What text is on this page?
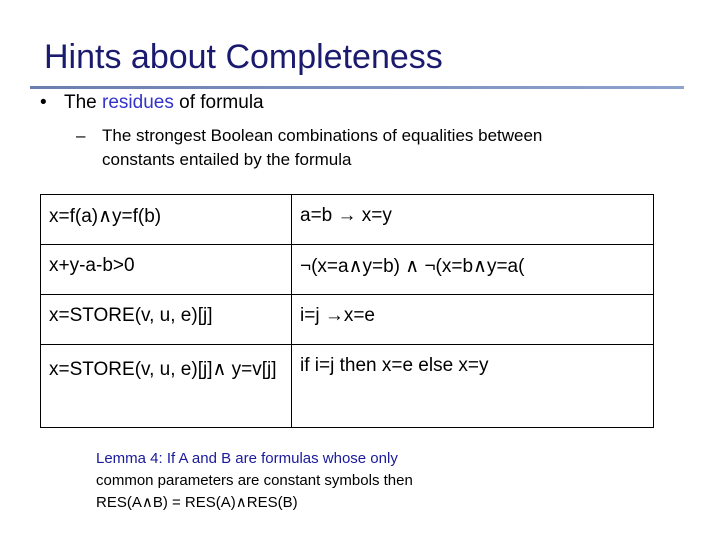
Hints about Completeness
• The residues of formula
– The strongest Boolean combinations of equalities between
constants entailed by the formula
x=f(a)∧y=f(b)	a=b → x=y
x+y-a-b>0	¬(x=a∧y=b) ∧ ¬(x=b∧y=a(
x=STORE(v, u, e)[j]	i=j →x=e
x=STORE(v, u, e)[j]∧ y=v[j]	if i=j then x=e else x=y
Lemma 4: If A and B are formulas whose only
common parameters are constant symbols then
RES(A∧B) = RES(A)∧RES(B)
